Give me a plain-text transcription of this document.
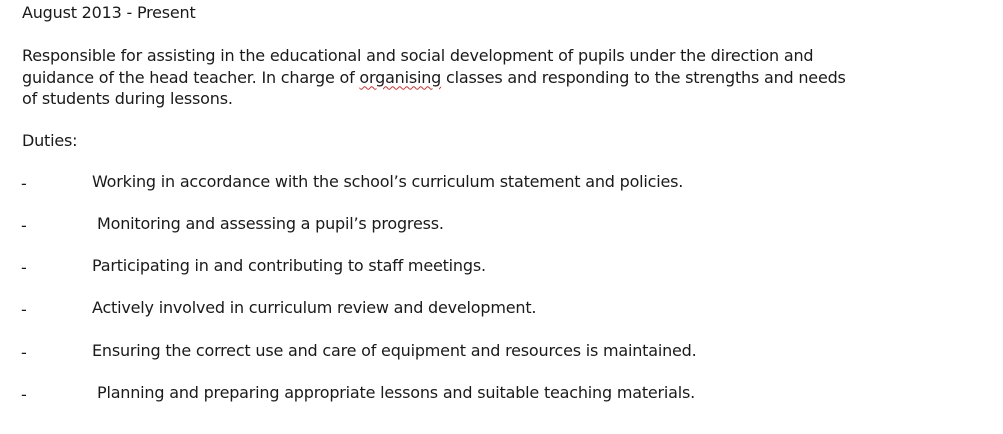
August 2013 - Present

Responsible for assisting in the educational and social development of pupils under the direction and
guidance of the head teacher. In charge of organising classes and responding to the strengths and needs
of students during lessons.

Duties:
-	Working in accordance with the school’s curriculum statement and policies.
-	Monitoring and assessing a pupil’s progress.
-	Participating in and contributing to staff meetings.
-	Actively involved in curriculum review and development.
-	Ensuring the correct use and care of equipment and resources is maintained.
-	Planning and preparing appropriate lessons and suitable teaching materials.
